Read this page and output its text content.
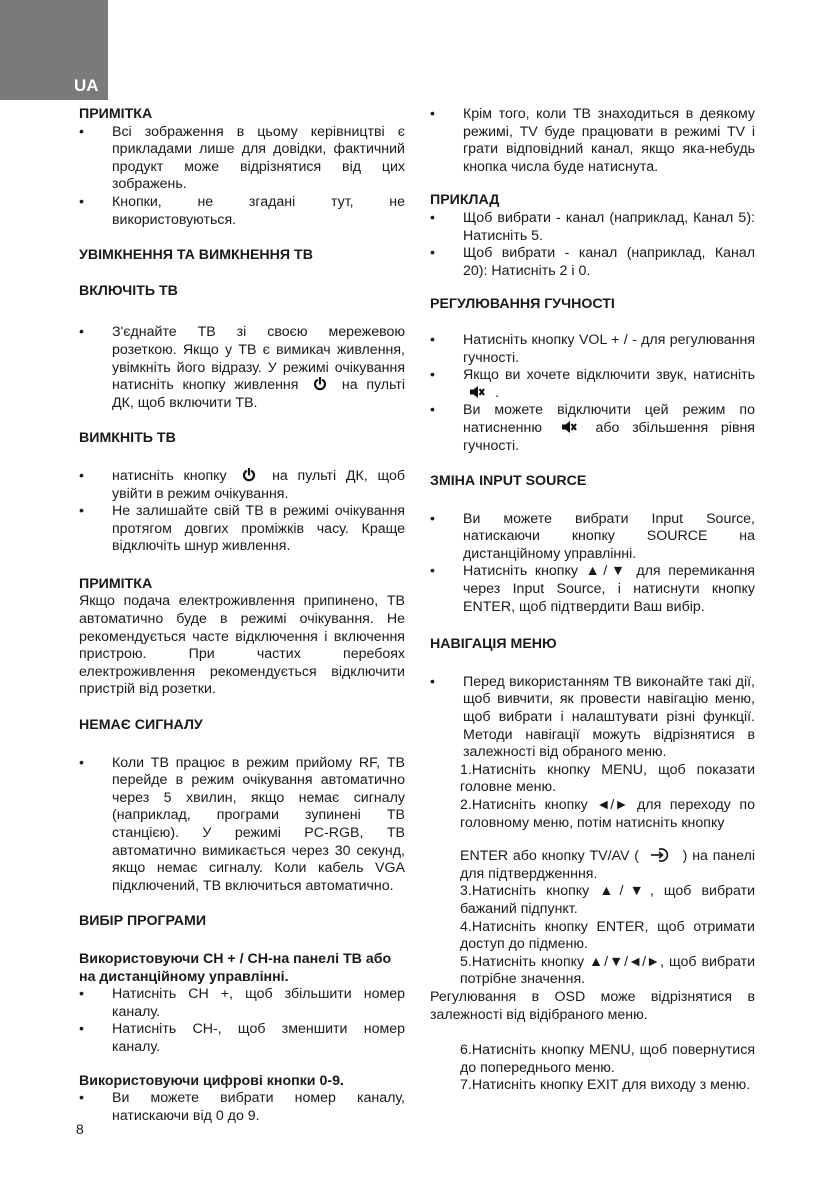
UA

ПРИМІТКА

• Всі зображення в цьому керівництві є прикладами лише для довідки, фактичний продукт може відрізнятися від цих зображень.
• Кнопки, не згадані тут, не використовуються.

УВІМКНЕННЯ ТА ВИМКНЕННЯ ТВ

ВКЛЮЧІТЬ ТВ

• З'єднайте ТВ зі своєю мережевою розеткою. Якщо у ТВ є вимикач живлення, увімкніть його відразу. У режимі очікування натисніть кнопку живлення	на пульті ДК, щоб включити ТВ.

ВИМКНІТЬ ТВ

• натисніть кнопку	на пульті ДК, щоб увійти в режим очікування.
• Не залишайте свій ТВ в режимі очікування протягом довгих проміжків часу. Краще відключіть шнур живлення.

ПРИМІТКА

Якщо подача електроживлення припинено, ТВ автоматично буде в режимі очікування. Не рекомендується часте відключення і включення пристрою. При частих перебоях електроживлення рекомендується відключити пристрій від розетки.

НЕМАЄ СИГНАЛУ

• Коли ТВ працює в режим прийому RF, ТВ перейде в режим очікування автоматично через 5 хвилин, якщо немає сигналу (наприклад, програми зупинені ТВ станцією). У режимі PC-RGB, ТВ автоматично вимикається через 30 секунд, якщо немає сигналу. Коли кабель VGA підключений, ТВ включиться автоматично.

ВИБІР ПРОГРАМИ

Використовуючи CH + / CH-на панелі ТВ або на дистанційному управлінні.

• Натисніть CH +, щоб збільшити номер каналу.
• Натисніть CH-, щоб зменшити номер каналу.

Використовуючи цифрові кнопки 0-9.

• Ви можете вибрати номер каналу, натискаючи від 0 до 9.
• Крім того, коли ТВ знаходиться в деякому режимі, TV буде працювати в режимі TV і грати відповідний канал, якщо яка-небудь кнопка числа буде натиснута.

ПРИКЛАД

• Щоб вибрати - канал (наприклад, Канал 5): Натисніть 5.
• Щоб вибрати - канал (наприклад, Канал 20): Натисніть 2 і 0.

РЕГУЛЮВАННЯ ГУЧНОСТІ

• Натисніть кнопку VOL + / - для регулювання гучності.
• Якщо ви хочете відключити звук, натисніть  .
• Ви можете відключити цей режим по натисненню	або збільшення рівня гучності.

ЗМІНА INPUT SOURCE

• Ви можете вибрати Input Source, натискаючи кнопку SOURCE на дистанційному управлінні.
• Натисніть кнопку ▲/▼ для перемикання через Input Source, і натиснути кнопку ENTER, щоб підтвердити Ваш вибір.

НАВІГАЦІЯ МЕНЮ

• Перед використанням ТВ виконайте такі дії, щоб вивчити, як провести навігацію меню, щоб вибрати і налаштувати різні функції. Методи навігації можуть відрізнятися в залежності від обраного меню.
1.Натисніть кнопку MENU, щоб показати головне меню.
2.Натисніть кнопку ◄/► для переходу по головному меню, потім натисніть кнопку
ENTER або кнопку TV/AV (	) на панелі для підтвердженння.
3.Натисніть кнопку ▲/▼, щоб вибрати бажаний підпункт.
4.Натисніть кнопку ENTER, щоб отримати доступ до підменю.
5.Натисніть кнопку ▲/▼/◄/►, щоб вибрати потрібне значення.

Регулювання в OSD може відрізнятися в залежності від відібраного меню.

6.Натисніть кнопку MENU, щоб повернутися до попереднього меню.
7.Натисніть кнопку EXIT для виходу з меню.
8
